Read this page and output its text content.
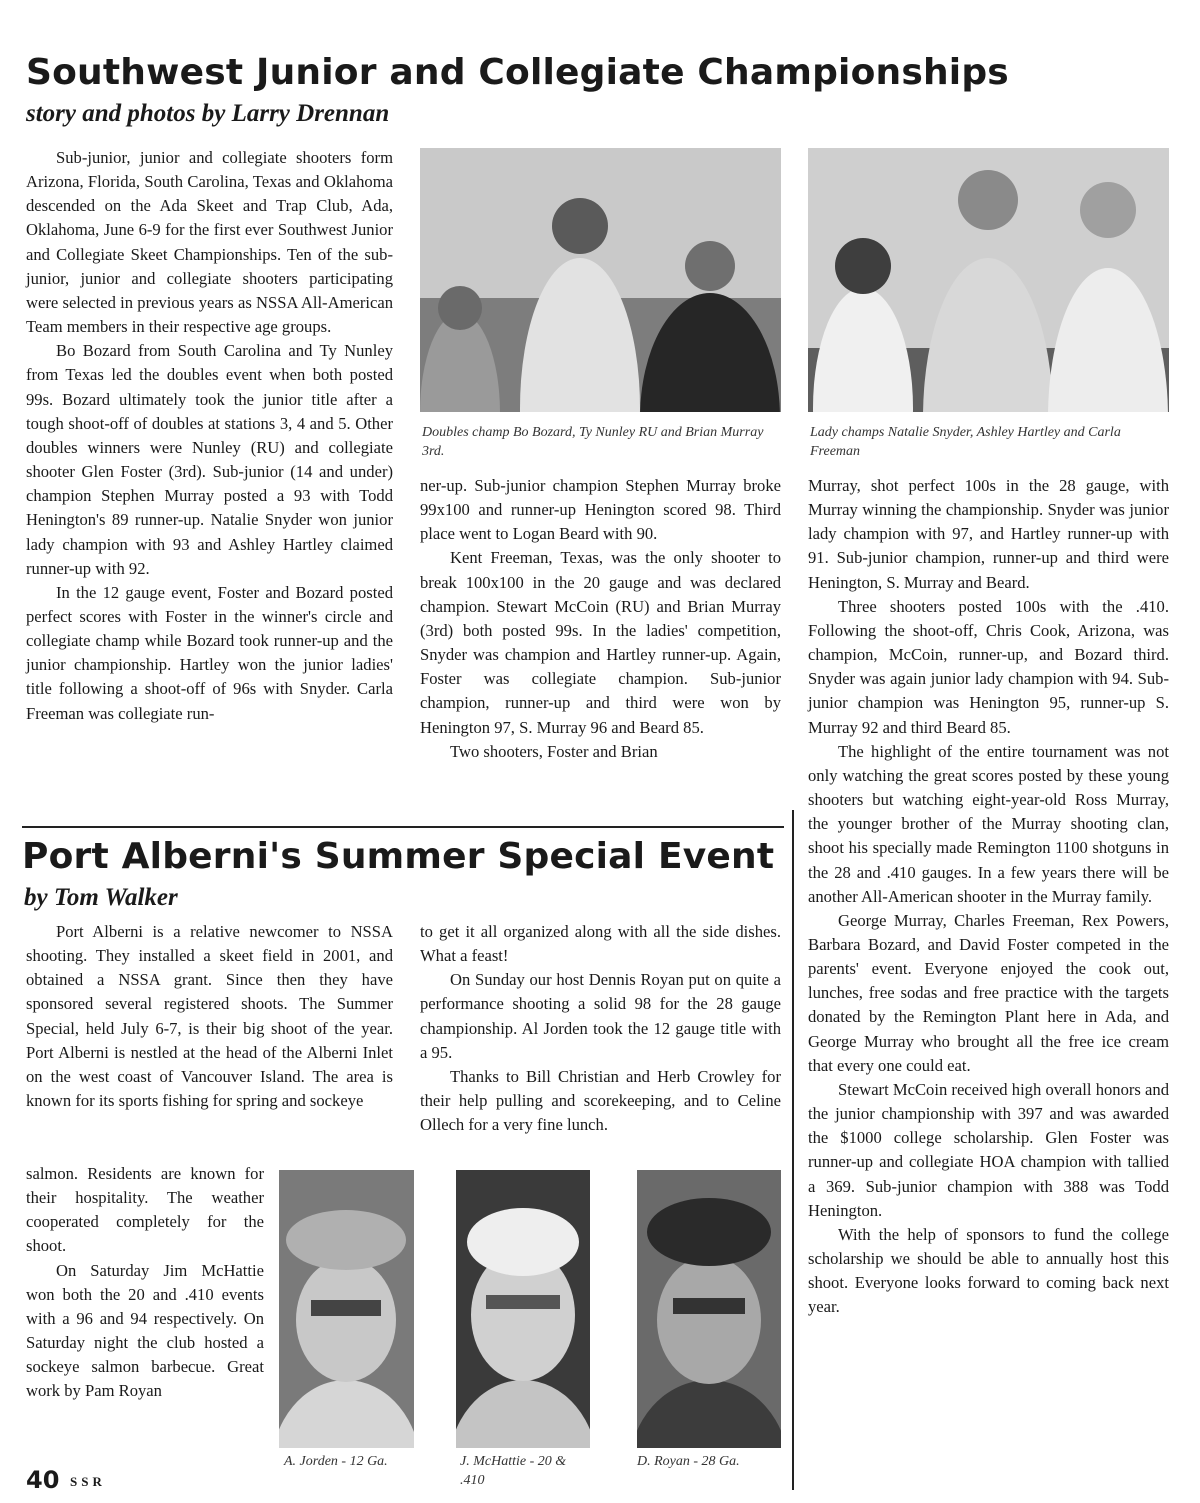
Southwest Junior and Collegiate Championships
story and photos by Larry Drennan

Sub-junior, junior and collegiate shooters form Arizona, Florida, South Carolina, Texas and Oklahoma descended on the Ada Skeet and Trap Club, Ada, Oklahoma, June 6-9 for the first ever Southwest Junior and Collegiate Skeet Championships. Ten of the sub-junior, junior and collegiate shooters participating were selected in previous years as NSSA All-American Team members in their respective age groups.

Bo Bozard from South Carolina and Ty Nunley from Texas led the doubles event when both posted 99s. Bozard ultimately took the junior title after a tough shoot-off of doubles at stations 3, 4 and 5. Other doubles winners were Nunley (RU) and collegiate shooter Glen Foster (3rd). Sub-junior (14 and under) champion Stephen Murray posted a 93 with Todd Henington's 89 runner-up. Natalie Snyder won junior lady champion with 93 and Ashley Hartley claimed runner-up with 92.

In the 12 gauge event, Foster and Bozard posted perfect scores with Foster in the winner's circle and collegiate champ while Bozard took runner-up and the junior championship. Hartley won the junior ladies' title following a shoot-off of 96s with Snyder. Carla Freeman was collegiate run-

Doubles champ Bo Bozard, Ty Nunley RU and Brian Murray 3rd.
Lady champs Natalie Snyder, Ashley Hartley and Carla Freeman

ner-up. Sub-junior champion Stephen Murray broke 99x100 and runner-up Henington scored 98. Third place went to Logan Beard with 90.

Kent Freeman, Texas, was the only shooter to break 100x100 in the 20 gauge and was declared champion. Stewart McCoin (RU) and Brian Murray (3rd) both posted 99s. In the ladies' competition, Snyder was champion and Hartley runner-up. Again, Foster was collegiate champion. Sub-junior champion, runner-up and third were won by Henington 97, S. Murray 96 and Beard 85.

Two shooters, Foster and Brian

Murray, shot perfect 100s in the 28 gauge, with Murray winning the championship. Snyder was junior lady champion with 97, and Hartley runner-up with 91. Sub-junior champion, runner-up and third were Henington, S. Murray and Beard.

Three shooters posted 100s with the .410. Following the shoot-off, Chris Cook, Arizona, was champion, McCoin, runner-up, and Bozard third. Snyder was again junior lady champion with 94. Sub-junior champion was Henington 95, runner-up S. Murray 92 and third Beard 85.

The highlight of the entire tournament was not only watching the great scores posted by these young shooters but watching eight-year-old Ross Murray, the younger brother of the Murray shooting clan, shoot his specially made Remington 1100 shotguns in the 28 and .410 gauges. In a few years there will be another All-American shooter in the Murray family.

George Murray, Charles Freeman, Rex Powers, Barbara Bozard, and David Foster competed in the parents' event. Everyone enjoyed the cook out, lunches, free sodas and free practice with the targets donated by the Remington Plant here in Ada, and George Murray who brought all the free ice cream that every one could eat.

Stewart McCoin received high overall honors and the junior championship with 397 and was awarded the $1000 college scholarship. Glen Foster was runner-up and collegiate HOA champion with tallied a 369. Sub-junior champion with 388 was Todd Henington.

With the help of sponsors to fund the college scholarship we should be able to annually host this shoot. Everyone looks forward to coming back next year.

Port Alberni's Summer Special Event
by Tom Walker

Port Alberni is a relative newcomer to NSSA shooting. They installed a skeet field in 2001, and obtained a NSSA grant. Since then they have sponsored several registered shoots. The Summer Special, held July 6-7, is their big shoot of the year. Port Alberni is nestled at the head of the Alberni Inlet on the west coast of Vancouver Island. The area is known for its sports fishing for spring and sockeye

salmon. Residents are known for their hospitality. The weather cooperated completely for the shoot.

On Saturday Jim McHattie won both the 20 and .410 events with a 96 and 94 respectively. On Saturday night the club hosted a sockeye salmon barbecue. Great work by Pam Royan

to get it all organized along with all the side dishes. What a feast!

On Sunday our host Dennis Royan put on quite a performance shooting a solid 98 for the 28 gauge championship. Al Jorden took the 12 gauge title with a 95.

Thanks to Bill Christian and Herb Crowley for their help pulling and scorekeeping, and to Celine Ollech for a very fine lunch.

A. Jorden - 12 Ga.	J. McHattie - 20 & .410
D. Royan - 28 Ga.
40 SSR
